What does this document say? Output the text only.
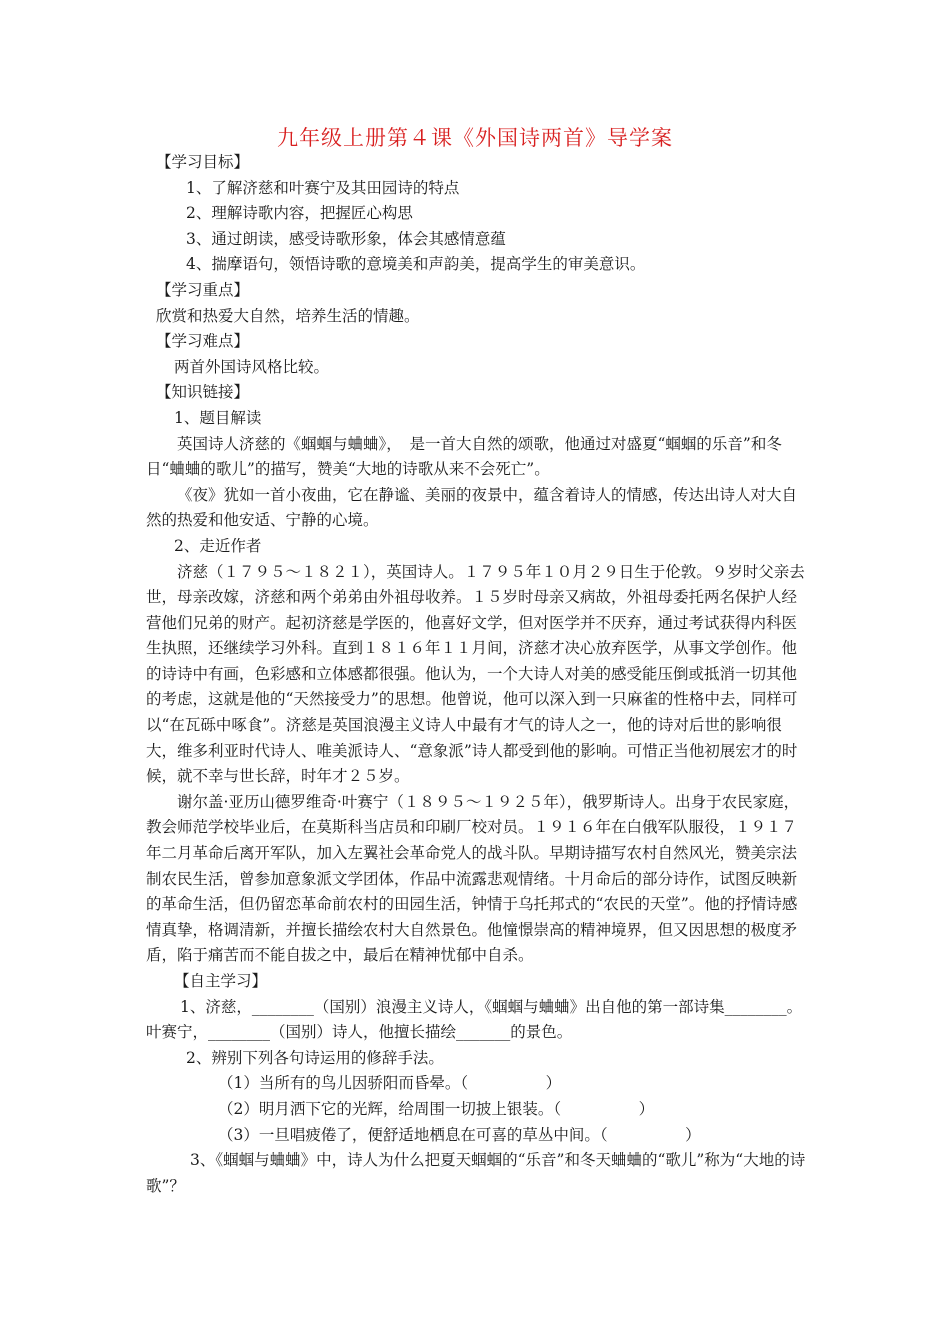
九年级上册第４课《外国诗两首》导学案

【学习目标】

1、了解济慈和叶赛宁及其田园诗的特点

2、理解诗歌内容，把握匠心构思

3、通过朗读，感受诗歌形象，体会其感情意蕴

4、揣摩语句，领悟诗歌的意境美和声韵美，提高学生的审美意识。

【学习重点】

欣赏和热爱大自然，培养生活的情趣。

【学习难点】

两首外国诗风格比较。

【知识链接】

1、题目解读

英国诗人济慈的《蝈蝈与蛐蛐》，　是一首大自然的颂歌，他通过对盛夏“蝈蝈的乐音”和冬日“蛐蛐的歌儿”的描写，赞美“大地的诗歌从来不会死亡”。

《夜》犹如一首小夜曲，它在静谧、美丽的夜景中，蕴含着诗人的情感，传达出诗人对大自然的热爱和他安适、宁静的心境。

2、走近作者

济慈（１７９５～１８２１），英国诗人。１７９５年１０月２９日生于伦敦。９岁时父亲去世，母亲改嫁，济慈和两个弟弟由外祖母收养。１５岁时母亲又病故，外祖母委托两名保护人经营他们兄弟的财产。起初济慈是学医的，他喜好文学，但对医学并不厌弃，通过考试获得内科医生执照，还继续学习外科。直到１８１６年１１月间，济慈才决心放弃医学，从事文学创作。他的诗诗中有画，色彩感和立体感都很强。他认为，一个大诗人对美的感受能压倒或抵消一切其他的考虑，这就是他的“天然接受力”的思想。他曾说，他可以深入到一只麻雀的性格中去，同样可以“在瓦砾中啄食”。济慈是英国浪漫主义诗人中最有才气的诗人之一，他的诗对后世的影响很大，维多利亚时代诗人、唯美派诗人、“意象派”诗人都受到他的影响。可惜正当他初展宏才的时候，就不幸与世长辞，时年才２５岁。

谢尔盖·亚历山德罗维奇·叶赛宁（１８９５～１９２５年），俄罗斯诗人。出身于农民家庭，教会师范学校毕业后，在莫斯科当店员和印刷厂校对员。１９１６年在白俄军队服役，１９１７年二月革命后离开军队，加入左翼社会革命党人的战斗队。早期诗描写农村自然风光，赞美宗法制农民生活，曾参加意象派文学团体，作品中流露悲观情绪。十月命后的部分诗作，试图反映新的革命生活，但仍留恋革命前农村的田园生活，钟情于乌托邦式的“农民的天堂”。他的抒情诗感情真挚，格调清新，并擅长描绘农村大自然景色。他憧憬崇高的精神境界，但又因思想的极度矛盾，陷于痛苦而不能自拔之中，最后在精神忧郁中自杀。

【自主学习】

1、济慈，________（国别）浪漫主义诗人，《蝈蝈与蛐蛐》出自他的第一部诗集________。叶赛宁，________（国别）诗人，他擅长描绘_______的景色。

2、辨别下列各句诗运用的修辞手法。

（1）当所有的鸟儿因骄阳而昏晕。（　　　　　）

（2）明月洒下它的光辉，给周围一切披上银装。（　　　　　）

（3）一旦唱疲倦了，便舒适地栖息在可喜的草丛中间。（　　　　　）

3、《蝈蝈与蛐蛐》中，诗人为什么把夏天蝈蝈的“乐音”和冬天蛐蛐的“歌儿”称为“大地的诗歌”？
